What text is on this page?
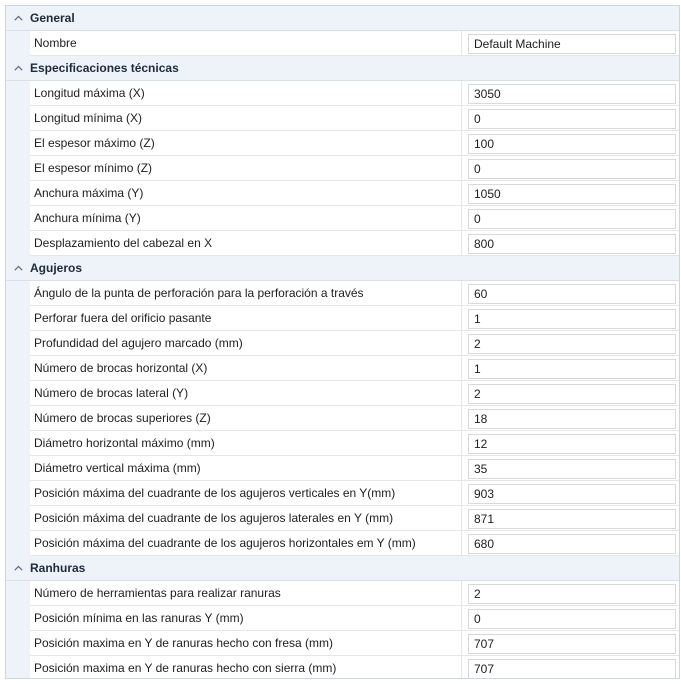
General
Nombre	Default Machine
Especificaciones técnicas
Longitud máxima (X)	3050
Longitud mínima (X)	0
El espesor máximo (Z)	100
El espesor mínimo (Z)	0
Anchura máxima (Y)	1050
Anchura mínima (Y)	0
Desplazamiento del cabezal en X	800
Agujeros
Ángulo de la punta de perforación para la perforación a través	60
Perforar fuera del orificio pasante	1
Profundidad del agujero marcado (mm)	2
Número de brocas horizontal (X)	1
Número de brocas lateral (Y)	2
Número de brocas superiores (Z)	18
Diámetro horizontal máximo (mm)	12
Diámetro vertical máxima (mm)	35
Posición máxima del cuadrante de los agujeros verticales en Y(mm)	903
Posición máxima del cuadrante de los agujeros laterales en Y (mm)	871
Posición máxima del cuadrante de los agujeros horizontales em Y (mm)	680
Ranhuras
Número de herramientas para realizar ranuras	2
Posición mínima en las ranuras Y (mm)	0
Posición maxima en Y de ranuras hecho con fresa (mm)	707
Posición maxima en Y de ranuras hecho con sierra (mm)	707
